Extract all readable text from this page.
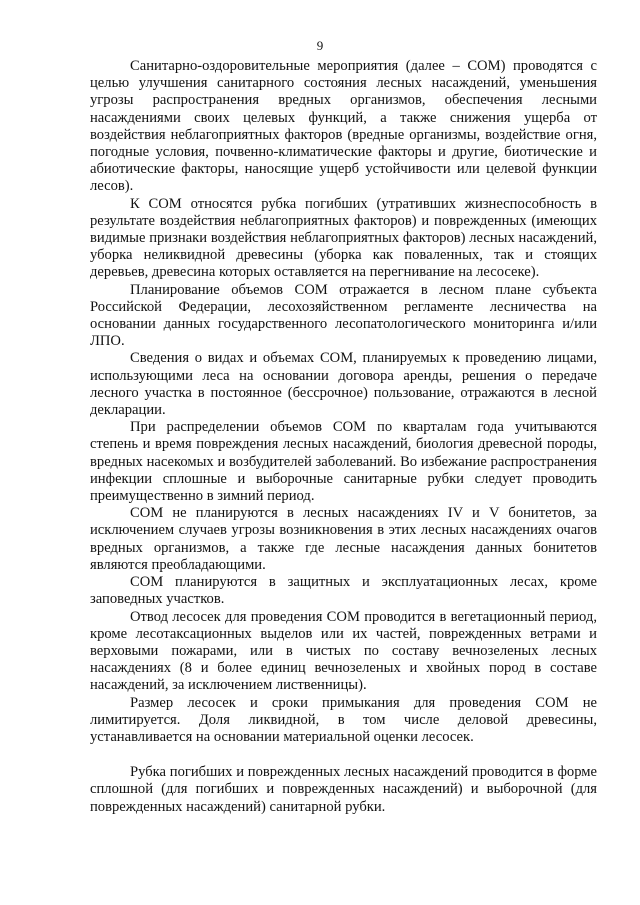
9

Санитарно-оздоровительные мероприятия (далее – СОМ) проводятся с целью улучшения санитарного состояния лесных насаждений, уменьшения угрозы распространения вредных организмов, обеспечения лесными насаждениями своих целевых функций, а также снижения ущерба от воздействия неблагоприятных факторов (вредные организмы, воздействие огня, погодные условия, почвенно-климатические факторы и другие, биотические и абиотические факторы, наносящие ущерб устойчивости или целевой функции лесов).

К СОМ относятся рубка погибших (утративших жизнеспособность в результате воздействия неблагоприятных факторов) и поврежденных (имеющих видимые признаки воздействия неблагоприятных факторов) лесных насаждений, уборка неликвидной древесины (уборка как поваленных, так и стоящих деревьев, древесина которых оставляется на перегнивание на лесосеке).

Планирование объемов СОМ отражается в лесном плане субъекта Российской Федерации, лесохозяйственном регламенте лесничества на основании данных государственного лесопатологического мониторинга и/или ЛПО.

Сведения о видах и объемах СОМ, планируемых к проведению лицами, использующими леса на основании договора аренды, решения о передаче лесного участка в постоянное (бессрочное) пользование, отражаются в лесной декларации.

При распределении объемов СОМ по кварталам года учитываются степень и время повреждения лесных насаждений, биология древесной породы, вредных насекомых и возбудителей заболеваний. Во избежание распространения инфекции сплошные и выборочные санитарные рубки следует проводить преимущественно в зимний период.

СОМ не планируются в лесных насаждениях IV и V бонитетов, за исключением случаев угрозы возникновения в этих лесных насаждениях очагов вредных организмов, а также где лесные насаждения данных бонитетов являются преобладающими.

СОМ планируются в защитных и эксплуатационных лесах, кроме заповедных участков.

Отвод лесосек для проведения СОМ проводится в вегетационный период, кроме лесотаксационных выделов или их частей, поврежденных ветрами и верховыми пожарами, или в чистых по составу вечнозеленых лесных насаждениях (8 и более единиц вечнозеленых и хвойных пород в составе насаждений, за исключением лиственницы).

Размер лесосек и сроки примыкания для проведения СОМ не лимитируется. Доля ликвидной, в том числе деловой древесины, устанавливается на основании материальной оценки лесосек.

Рубка погибших и поврежденных лесных насаждений проводится в форме сплошной (для погибших и поврежденных насаждений) и выборочной (для поврежденных насаждений) санитарной рубки.
